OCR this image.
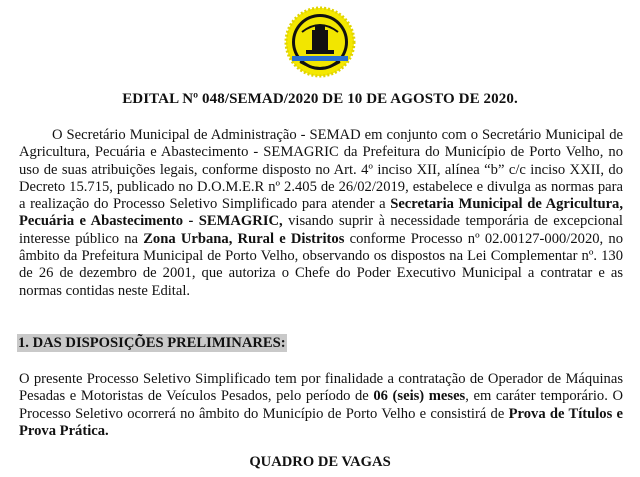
EDITAL Nº 048/SEMAD/2020 DE 10 DE AGOSTO DE 2020.
O Secretário Municipal de Administração - SEMAD em conjunto com o Secretário Municipal de Agricultura, Pecuária e Abastecimento - SEMAGRIC da Prefeitura do Município de Porto Velho, no uso de suas atribuições legais, conforme disposto no Art. 4º inciso XII, alínea “b” c/c inciso XXII, do Decreto 15.715, publicado no D.O.M.E.R nº 2.405 de 26/02/2019, estabelece e divulga as normas para a realização do Processo Seletivo Simplificado para atender a Secretaria Municipal de Agricultura, Pecuária e Abastecimento - SEMAGRIC, visando suprir à necessidade temporária de excepcional interesse público na Zona Urbana, Rural e Distritos conforme Processo nº 02.00127-000/2020, no âmbito da Prefeitura Municipal de Porto Velho, observando os dispostos na Lei Complementar nº. 130 de 26 de dezembro de 2001, que autoriza o Chefe do Poder Executivo Municipal a contratar e as normas contidas neste Edital.
1. DAS DISPOSIÇÕES PRELIMINARES:
O presente Processo Seletivo Simplificado tem por finalidade a contratação de Operador de Máquinas Pesadas e Motoristas de Veículos Pesados, pelo período de 06 (seis) meses, em caráter temporário. O Processo Seletivo ocorrerá no âmbito do Município de Porto Velho e consistirá de Prova de Títulos e Prova Prática.
QUADRO DE VAGAS
